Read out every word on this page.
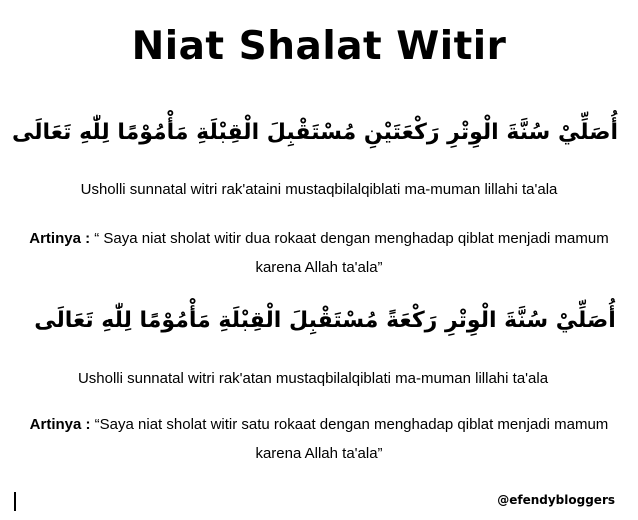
Niat Shalat Witir
أُصَلِّيْ سُنَّةَ الْوِتْرِ رَكْعَتَيْنِ مُسْتَقْبِلَ الْقِبْلَةِ مَأْمُوْمًا لِلّٰهِ تَعَالَى
Usholli sunnatal witri rak'ataini mustaqbilalqiblati ma-muman lillahi ta'ala
Artinya : “ Saya niat sholat witir dua rokaat dengan menghadap qiblat menjadi mamum karena Allah ta'ala”
أُصَلِّيْ سُنَّةَ الْوِتْرِ رَكْعَةً مُسْتَقْبِلَ الْقِبْلَةِ مَأْمُوْمًا لِلّٰهِ تَعَالَى
Usholli sunnatal witri rak'atan mustaqbilalqiblati ma-muman lillahi ta'ala
Artinya : “Saya niat sholat witir satu rokaat dengan menghadap qiblat menjadi mamum karena Allah ta'ala”
@efendybloggers
